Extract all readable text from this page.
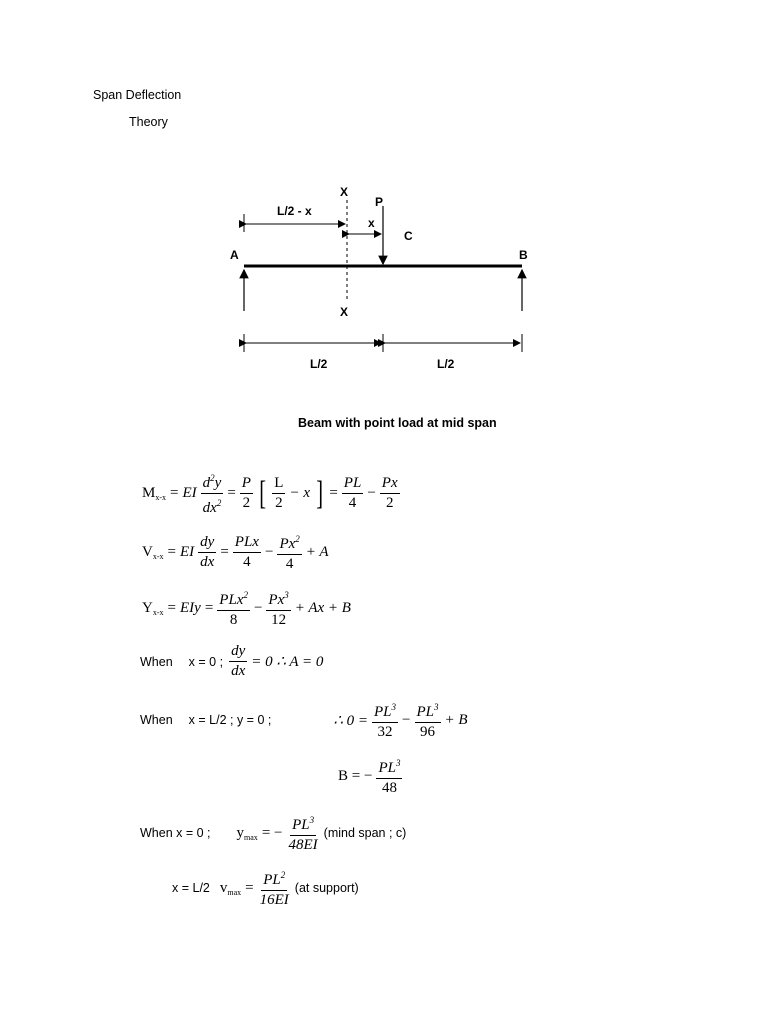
Span Deflection
Theory
X
X
P
C
A	B
L/2 - x
x
L/2	L/2
Beam with point load at mid span
$M_{x-x}$ = EI $\frac{d^2y}{dx^2} = \frac{P}{2}$ [ $\frac{L}{2} - x$ ] = $\frac{PL}{4} - \frac{Px}{2}$
$V_{x-x}$ = EI $\frac{dy}{dx} = \frac{\text{PLx}}{4} - \frac{Px^2}{4} + A$
$Y_{x-x}$ = EIy = $\frac{PLx^2}{8} - \frac{Px^3}{12} + Ax + B$
When x = 0 ; $\frac{dy}{dx} = 0$ ∴ A = 0
When x = L/2 ; y = 0 ;	∴ $0 = \frac{PL^3}{32} - \frac{PL^3}{96} + B$
B = − $\frac{PL^3}{48}$
When x = 0 ; $y_{max}$ = − $\frac{PL^3}{48EI} (\min d$ span ; c)
x = L/2 $v_{max} = \frac{PL^2}{16EI} (at$ support)
